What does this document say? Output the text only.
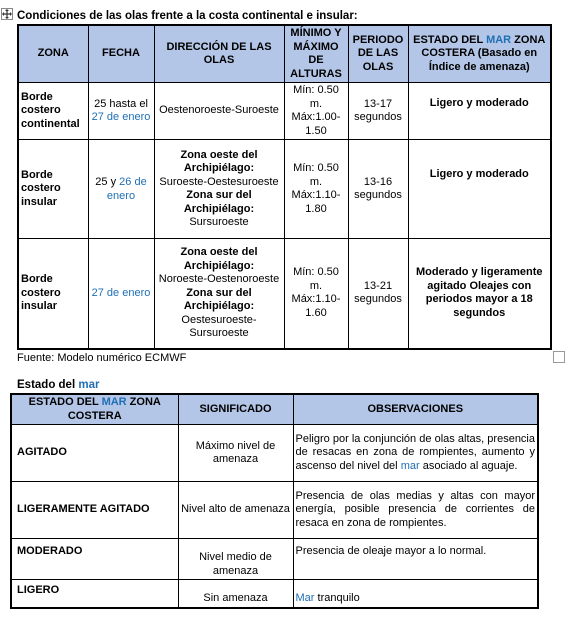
Condiciones de las olas frente a la costa continental e insular:
ZONA	FECHA	DIRECCIÓN DE LAS OLAS	MÍNIMO Y MÁXIMO DE ALTURAS	PERIODO DE LAS OLAS	ESTADO DEL MAR ZONA COSTERA (Basado en Índice de amenaza)
Borde costero continental	25 hasta el 27 de enero	Oestenoroeste-Suroeste	Mín: 0.50 m. Máx:1.00-1.50	13-17 segundos	Ligero y moderado
Borde costero insular	25 y 26 de enero	Zona oeste del Archipiélago:
Suroeste-Oestesuroeste
Zona sur del Archipiélago:
Sursuroeste	Mín: 0.50 m. Máx:1.10-1.80	13-16 segundos	Ligero y moderado
Borde costero insular	27 de enero	Zona oeste del Archipiélago:
Noroeste-Oestenoroeste
Zona sur del Archipiélago:
Oestesuroeste-Sursuroeste	Mín: 0.50 m. Máx:1.10-1.60	13-21 segundos	Moderado y ligeramente agitado Oleajes con periodos mayor a 18 segundos
Fuente: Modelo numérico ECMWF
Estado del mar
ESTADO DEL MAR ZONA COSTERA	SIGNIFICADO	OBSERVACIONES
AGITADO	Máximo nivel de amenaza	Peligro por la conjunción de olas altas, presencia de resacas en zona de rompientes, aumento y ascenso del nivel del mar asociado al aguaje.
LIGERAMENTE AGITADO	Nivel alto de amenaza	Presencia de olas medias y altas con mayor energía, posible presencia de corrientes de resaca en zona de rompientes.
MODERADO	Nivel medio de amenaza	Presencia de oleaje mayor a lo normal.
LIGERO	Sin amenaza	Mar tranquilo
